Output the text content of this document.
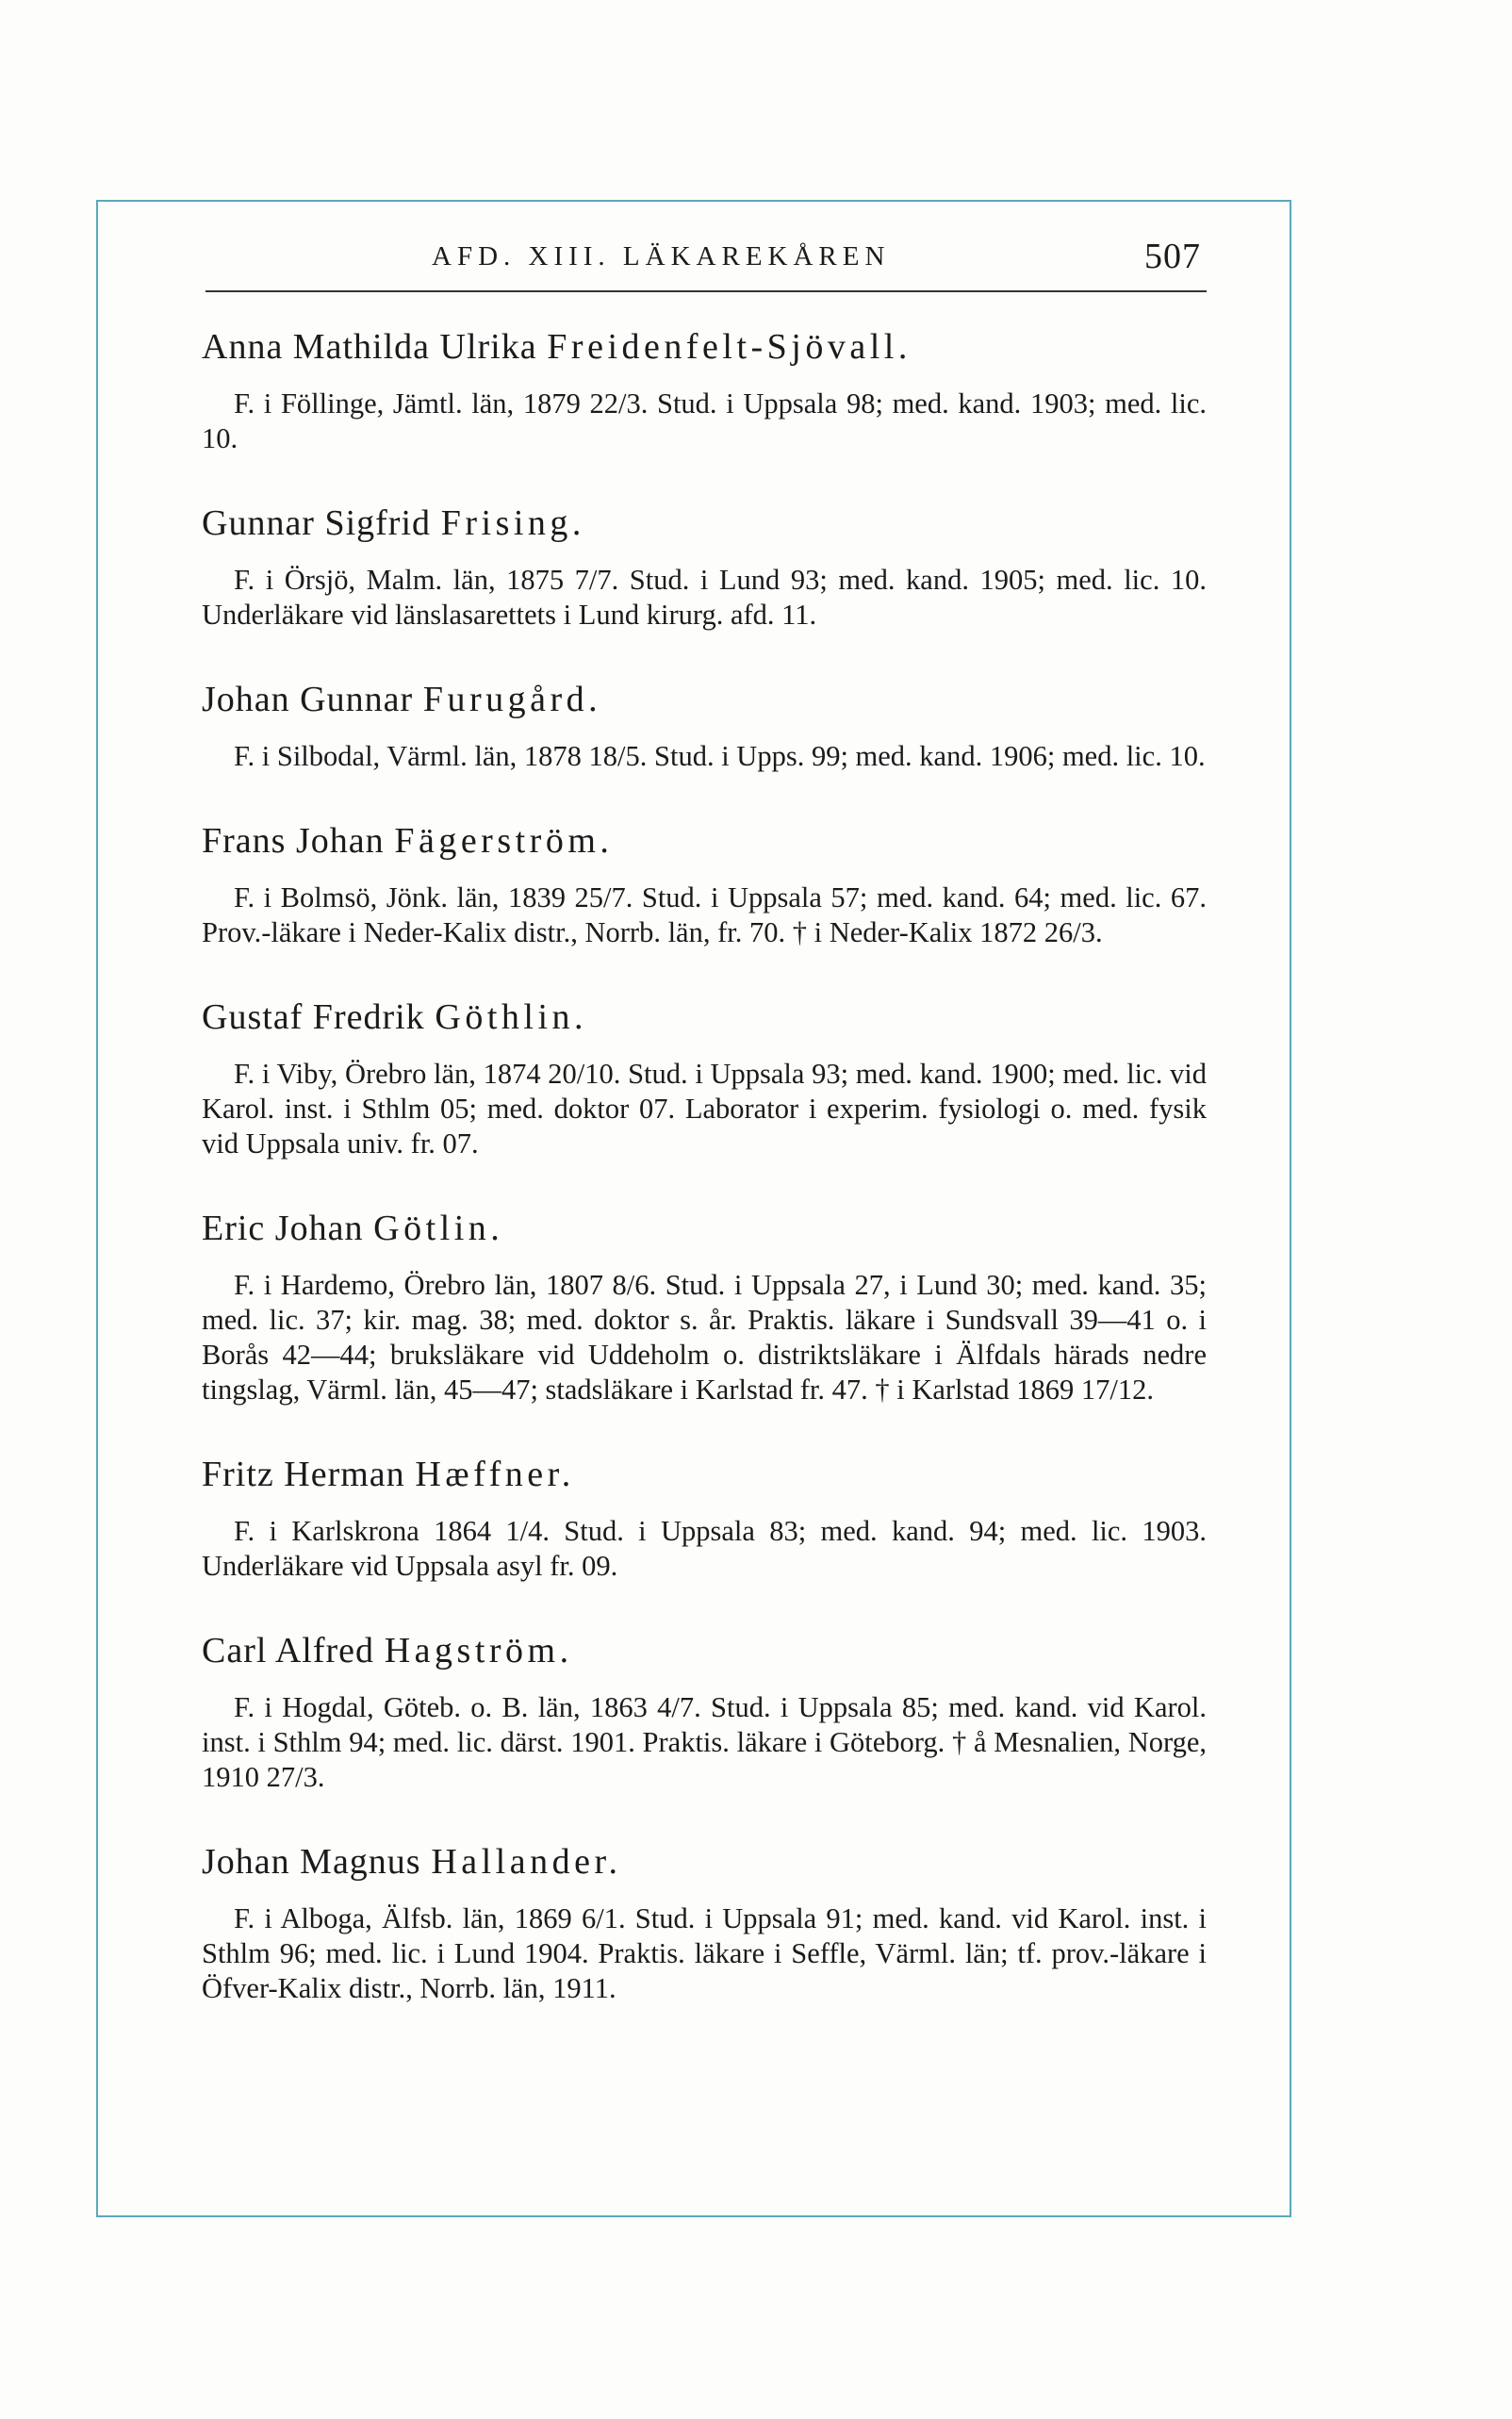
AFD. XIII. LÄKAREKÅREN	507
Anna Mathilda Ulrika Freidenfelt-Sjövall.
F. i Föllinge, Jämtl. län, 1879 22/3. Stud. i Uppsala 98; med. kand. 1903; med. lic. 10.
Gunnar Sigfrid Frising.
F. i Örsjö, Malm. län, 1875 7/7. Stud. i Lund 93; med. kand. 1905; med. lic. 10. Underläkare vid länslasarettets i Lund kirurg. afd. 11.
Johan Gunnar Furugård.
F. i Silbodal, Värml. län, 1878 18/5. Stud. i Upps. 99; med. kand. 1906; med. lic. 10.
Frans Johan Fägerström.
F. i Bolmsö, Jönk. län, 1839 25/7. Stud. i Uppsala 57; med. kand. 64; med. lic. 67. Prov.-läkare i Neder-Kalix distr., Norrb. län, fr. 70. † i Neder-Kalix 1872 26/3.
Gustaf Fredrik Göthlin.
F. i Viby, Örebro län, 1874 20/10. Stud. i Uppsala 93; med. kand. 1900; med. lic. vid Karol. inst. i Sthlm 05; med. doktor 07. Laborator i experim. fysiologi o. med. fysik vid Uppsala univ. fr. 07.
Eric Johan Götlin.
F. i Hardemo, Örebro län, 1807 8/6. Stud. i Uppsala 27, i Lund 30; med. kand. 35; med. lic. 37; kir. mag. 38; med. doktor s. år. Praktis. läkare i Sundsvall 39—41 o. i Borås 42—44; bruksläkare vid Uddeholm o. distriktsläkare i Älfdals härads nedre tingslag, Värml. län, 45—47; stadsläkare i Karlstad fr. 47. † i Karlstad 1869 17/12.
Fritz Herman Hæffner.
F. i Karlskrona 1864 1/4. Stud. i Uppsala 83; med. kand. 94; med. lic. 1903. Underläkare vid Uppsala asyl fr. 09.
Carl Alfred Hagström.
F. i Hogdal, Göteb. o. B. län, 1863 4/7. Stud. i Uppsala 85; med. kand. vid Karol. inst. i Sthlm 94; med. lic. därst. 1901. Praktis. läkare i Göteborg. † å Mesnalien, Norge, 1910 27/3.
Johan Magnus Hallander.
F. i Alboga, Älfsb. län, 1869 6/1. Stud. i Uppsala 91; med. kand. vid Karol. inst. i Sthlm 96; med. lic. i Lund 1904. Praktis. läkare i Seffle, Värml. län; tf. prov.-läkare i Öfver-Kalix distr., Norrb. län, 1911.
